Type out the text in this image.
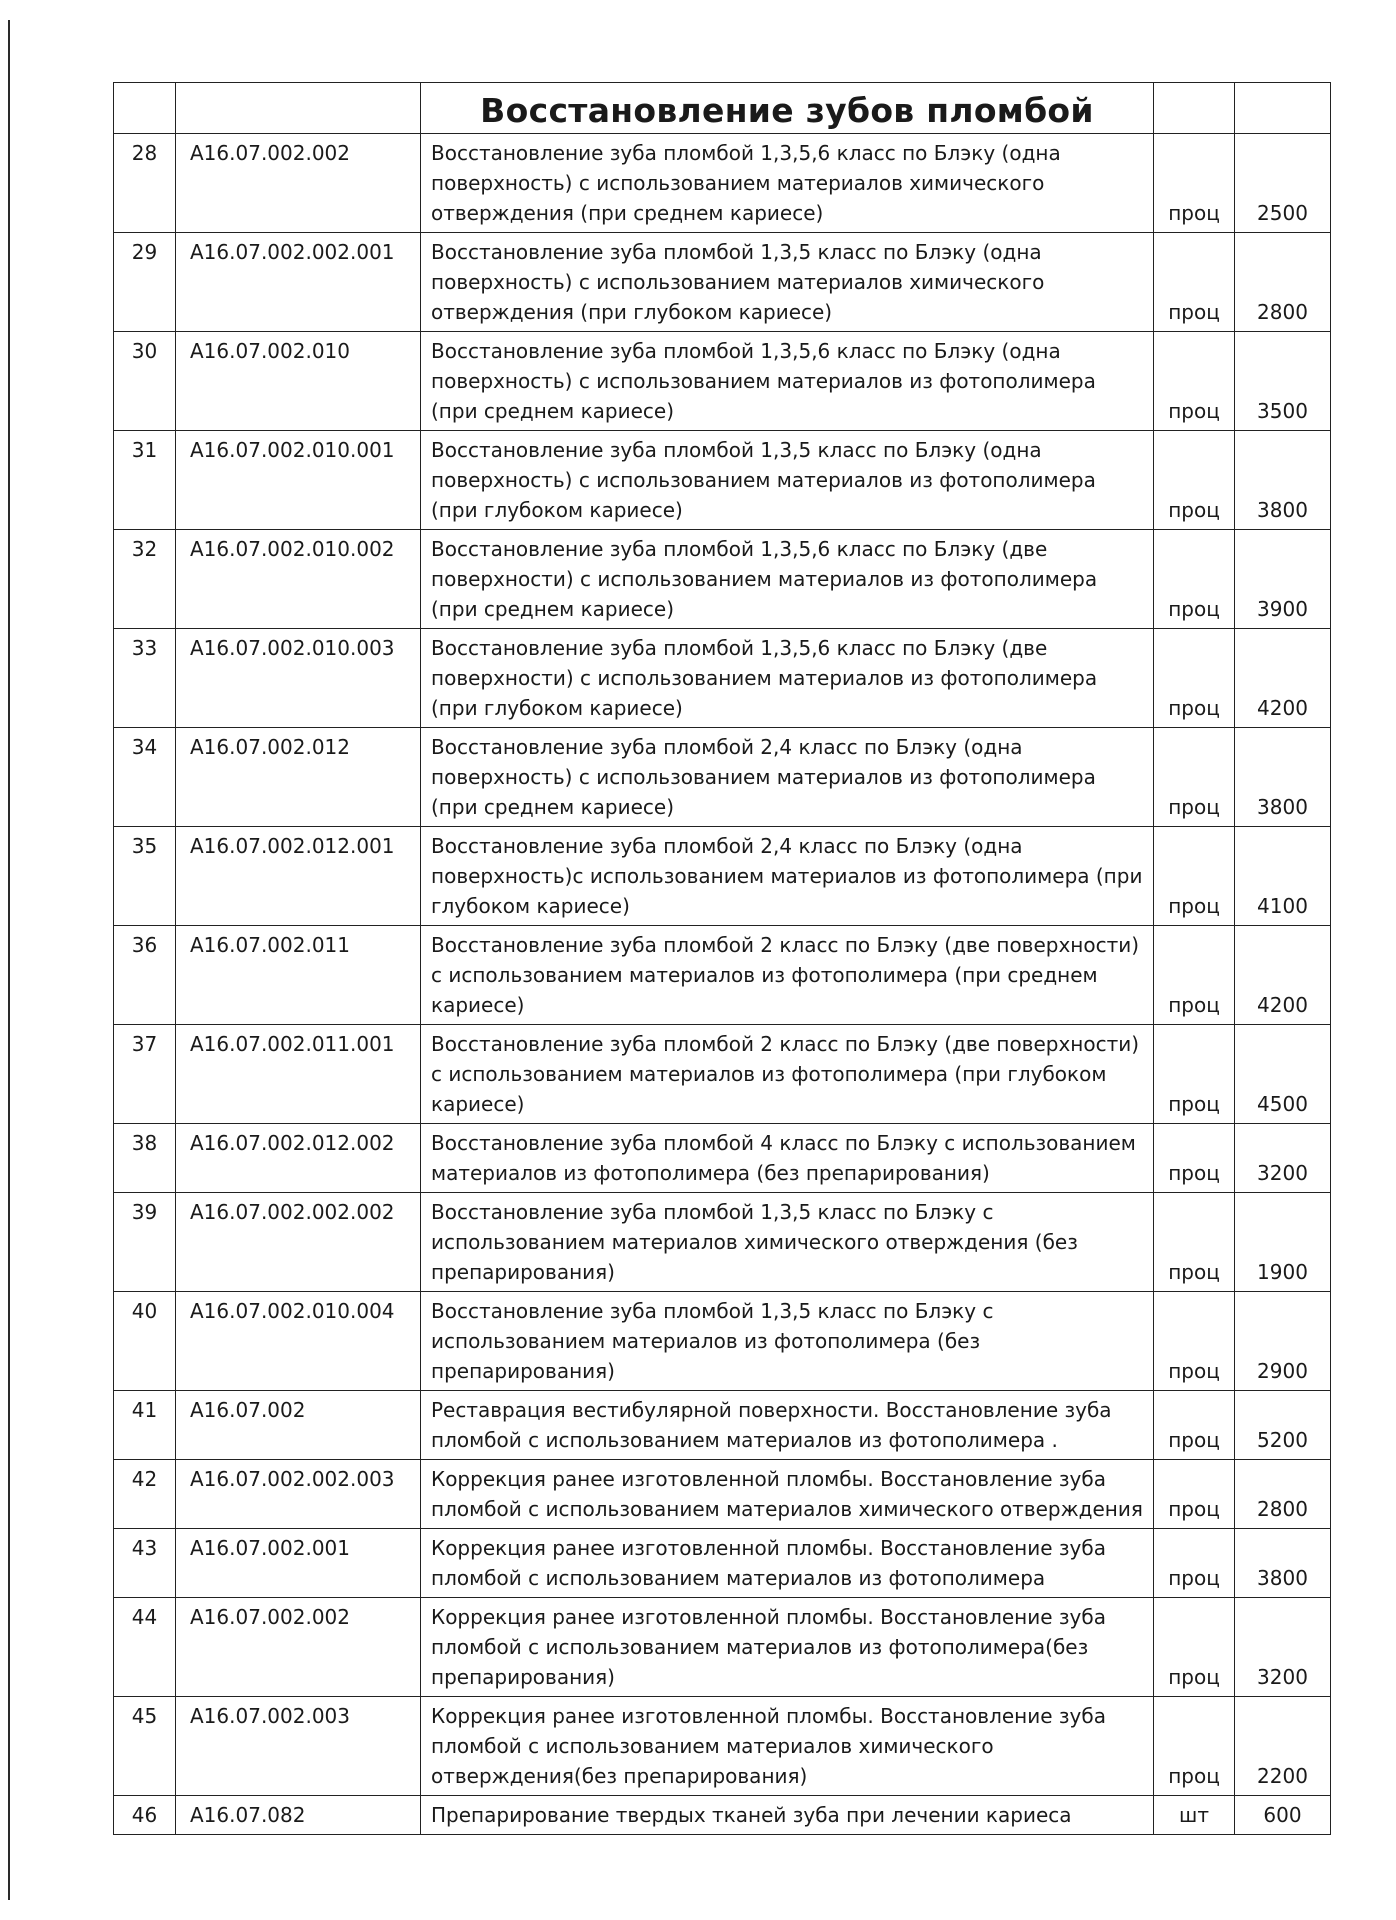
		Восстановление зубов пломбой		
28	A16.07.002.002	Восстановление зуба пломбой 1,3,5,6 класс по Блэку (одна поверхность) с использованием материалов химического отверждения (при среднем кариесе)	проц	2500
29	A16.07.002.002.001	Восстановление зуба пломбой 1,3,5 класс по Блэку (одна поверхность) с использованием материалов химического отверждения (при глубоком кариесе)	проц	2800
30	A16.07.002.010	Восстановление зуба пломбой 1,3,5,6 класс по Блэку (одна поверхность) с использованием материалов из фотополимера (при среднем кариесе)	проц	3500
31	A16.07.002.010.001	Восстановление зуба пломбой 1,3,5 класс по Блэку (одна поверхность) с использованием материалов из фотополимера (при глубоком кариесе)	проц	3800
32	A16.07.002.010.002	Восстановление зуба пломбой 1,3,5,6 класс по Блэку (две поверхности) с использованием материалов из фотополимера (при среднем кариесе)	проц	3900
33	A16.07.002.010.003	Восстановление зуба пломбой 1,3,5,6 класс по Блэку (две поверхности) с использованием материалов из фотополимера (при глубоком кариесе)	проц	4200
34	A16.07.002.012	Восстановление зуба пломбой 2,4 класс по Блэку (одна поверхность) с использованием материалов из фотополимера (при среднем кариесе)	проц	3800
35	A16.07.002.012.001	Восстановление зуба пломбой 2,4 класс по Блэку (одна поверхность)с использованием материалов из фотополимера (при глубоком кариесе)	проц	4100
36	A16.07.002.011	Восстановление зуба пломбой 2 класс по Блэку (две поверхности) с использованием материалов из фотополимера (при среднем кариесе)	проц	4200
37	A16.07.002.011.001	Восстановление зуба пломбой 2 класс по Блэку (две поверхности) с использованием материалов из фотополимера (при глубоком кариесе)	проц	4500
38	A16.07.002.012.002	Восстановление зуба пломбой 4 класс по Блэку с использованием материалов из фотополимера (без препарирования)	проц	3200
39	A16.07.002.002.002	Восстановление зуба пломбой 1,3,5 класс по Блэку с использованием материалов химического отверждения (без препарирования)	проц	1900
40	A16.07.002.010.004	Восстановление зуба пломбой 1,3,5 класс по Блэку с использованием материалов из фотополимера (без препарирования)	проц	2900
41	A16.07.002	Реставрация вестибулярной поверхности. Восстановление зуба пломбой с использованием материалов из фотополимера .	проц	5200
42	A16.07.002.002.003	Коррекция ранее изготовленной пломбы. Восстановление зуба пломбой с использованием материалов химического отверждения	проц	2800
43	A16.07.002.001	Коррекция ранее изготовленной пломбы. Восстановление зуба пломбой с использованием материалов из фотополимера	проц	3800
44	A16.07.002.002	Коррекция ранее изготовленной пломбы. Восстановление зуба пломбой с использованием материалов из фотополимера(без препарирования)	проц	3200
45	A16.07.002.003	Коррекция ранее изготовленной пломбы. Восстановление зуба пломбой с использованием материалов химического отверждения(без препарирования)	проц	2200
46	A16.07.082	Препарирование твердых тканей зуба при лечении кариеса	шт	600
